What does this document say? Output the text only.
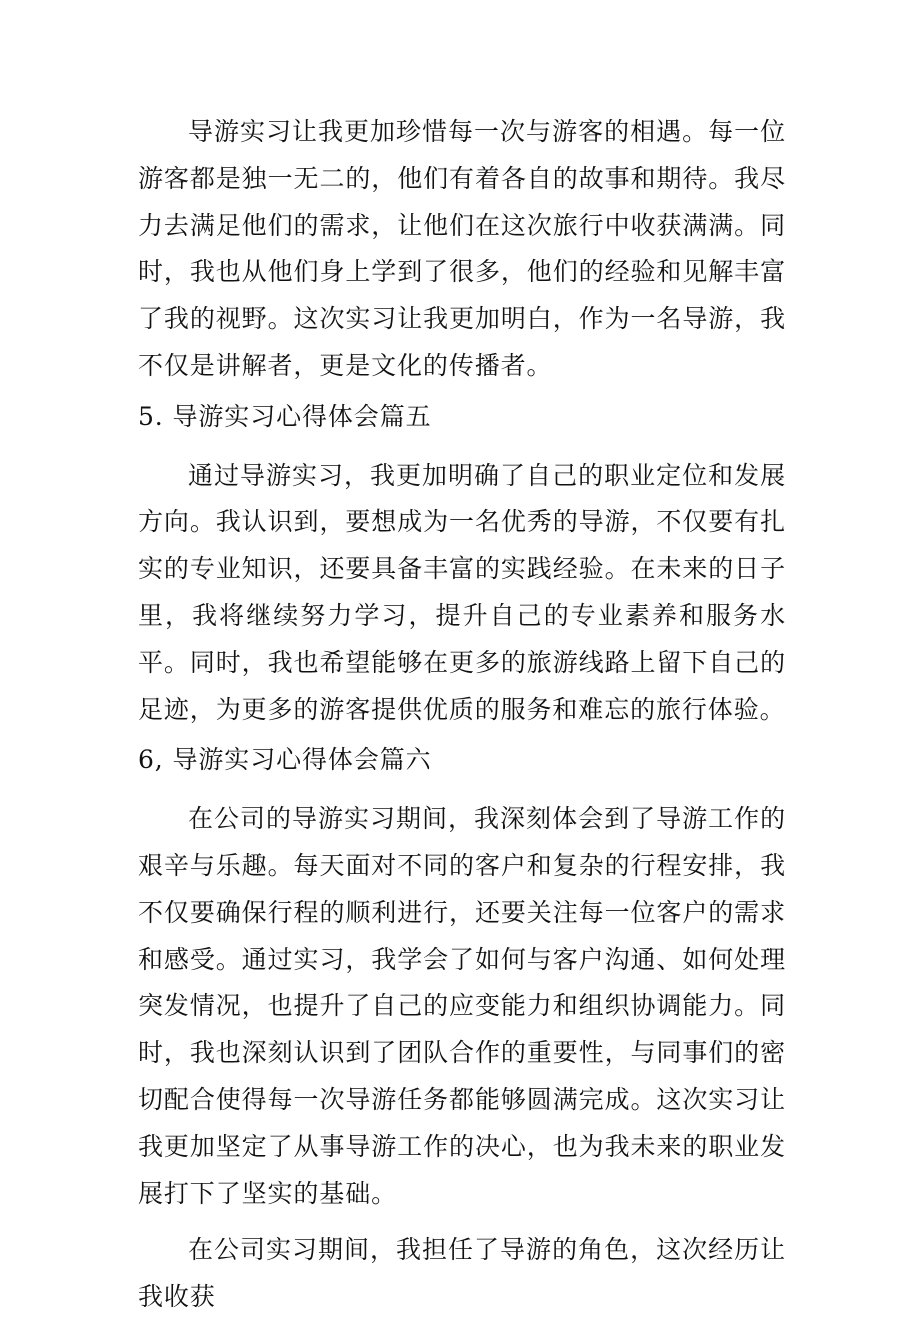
导游实习让我更加珍惜每一次与游客的相遇。每一位游客都是独一无二的，他们有着各自的故事和期待。我尽力去满足他们的需求，让他们在这次旅行中收获满满。同时，我也从他们身上学到了很多，他们的经验和见解丰富了我的视野。这次实习让我更加明白，作为一名导游，我不仅是讲解者，更是文化的传播者。

5. 导游实习心得体会篇五

通过导游实习，我更加明确了自己的职业定位和发展方向。我认识到，要想成为一名优秀的导游，不仅要有扎实的专业知识，还要具备丰富的实践经验。在未来的日子里，我将继续努力学习，提升自己的专业素养和服务水平。同时，我也希望能够在更多的旅游线路上留下自己的足迹，为更多的游客提供优质的服务和难忘的旅行体验。

6, 导游实习心得体会篇六

在公司的导游实习期间，我深刻体会到了导游工作的艰辛与乐趣。每天面对不同的客户和复杂的行程安排，我不仅要确保行程的顺利进行，还要关注每一位客户的需求和感受。通过实习，我学会了如何与客户沟通、如何处理突发情况，也提升了自己的应变能力和组织协调能力。同时，我也深刻认识到了团队合作的重要性，与同事们的密切配合使得每一次导游任务都能够圆满完成。这次实习让我更加坚定了从事导游工作的决心，也为我未来的职业发展打下了坚实的基础。

在公司实习期间，我担任了导游的角色，这次经历让我收获
